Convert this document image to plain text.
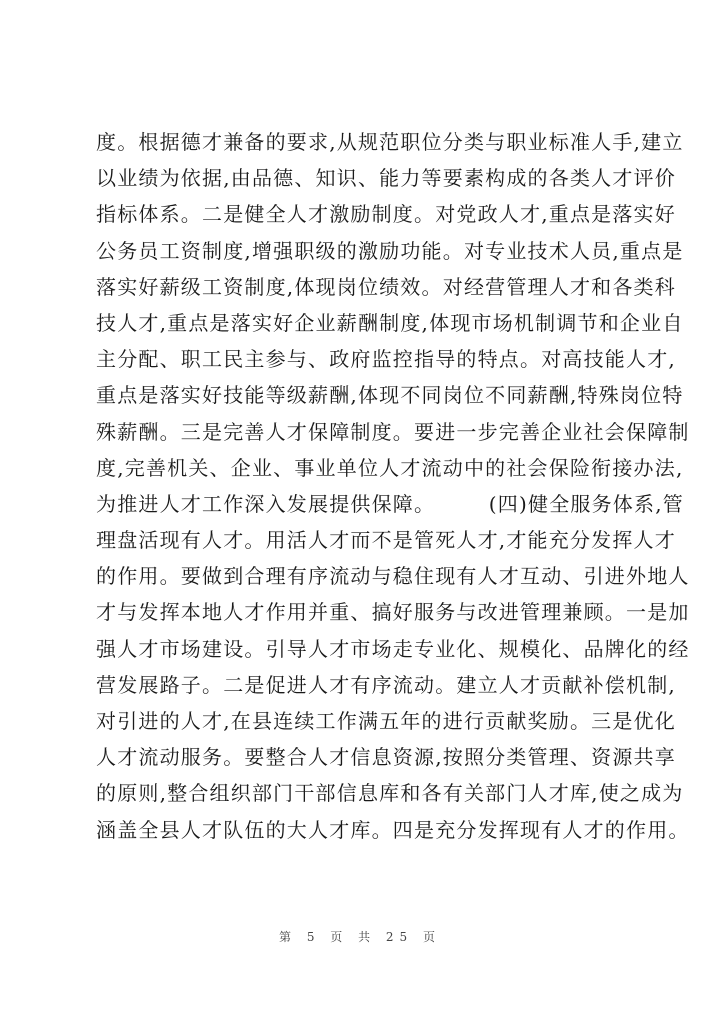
度。根据德才兼备的要求,从规范职位分类与职业标准人手,建立
以业绩为依据,由品德、知识、能力等要素构成的各类人才评价
指标体系。二是健全人才激励制度。对党政人才,重点是落实好
公务员工资制度,增强职级的激励功能。对专业技术人员,重点是
落实好薪级工资制度,体现岗位绩效。对经营管理人才和各类科
技人才,重点是落实好企业薪酬制度,体现市场机制调节和企业自
主分配、职工民主参与、政府监控指导的特点。对高技能人才,
重点是落实好技能等级薪酬,体现不同岗位不同薪酬,特殊岗位特
殊薪酬。三是完善人才保障制度。要进一步完善企业社会保障制
度,完善机关、企业、事业单位人才流动中的社会保险衔接办法,
为推进人才工作深入发展提供保障。　　　(四)健全服务体系,管
理盘活现有人才。用活人才而不是管死人才,才能充分发挥人才
的作用。要做到合理有序流动与稳住现有人才互动、引进外地人
才与发挥本地人才作用并重、搞好服务与改进管理兼顾。一是加
强人才市场建设。引导人才市场走专业化、规模化、品牌化的经
营发展路子。二是促进人才有序流动。建立人才贡献补偿机制,
对引进的人才,在县连续工作满五年的进行贡献奖励。三是优化
人才流动服务。要整合人才信息资源,按照分类管理、资源共享
的原则,整合组织部门干部信息库和各有关部门人才库,使之成为
涵盖全县人才队伍的大人才库。四是充分发挥现有人才的作用。
第 5 页 共 25 页
